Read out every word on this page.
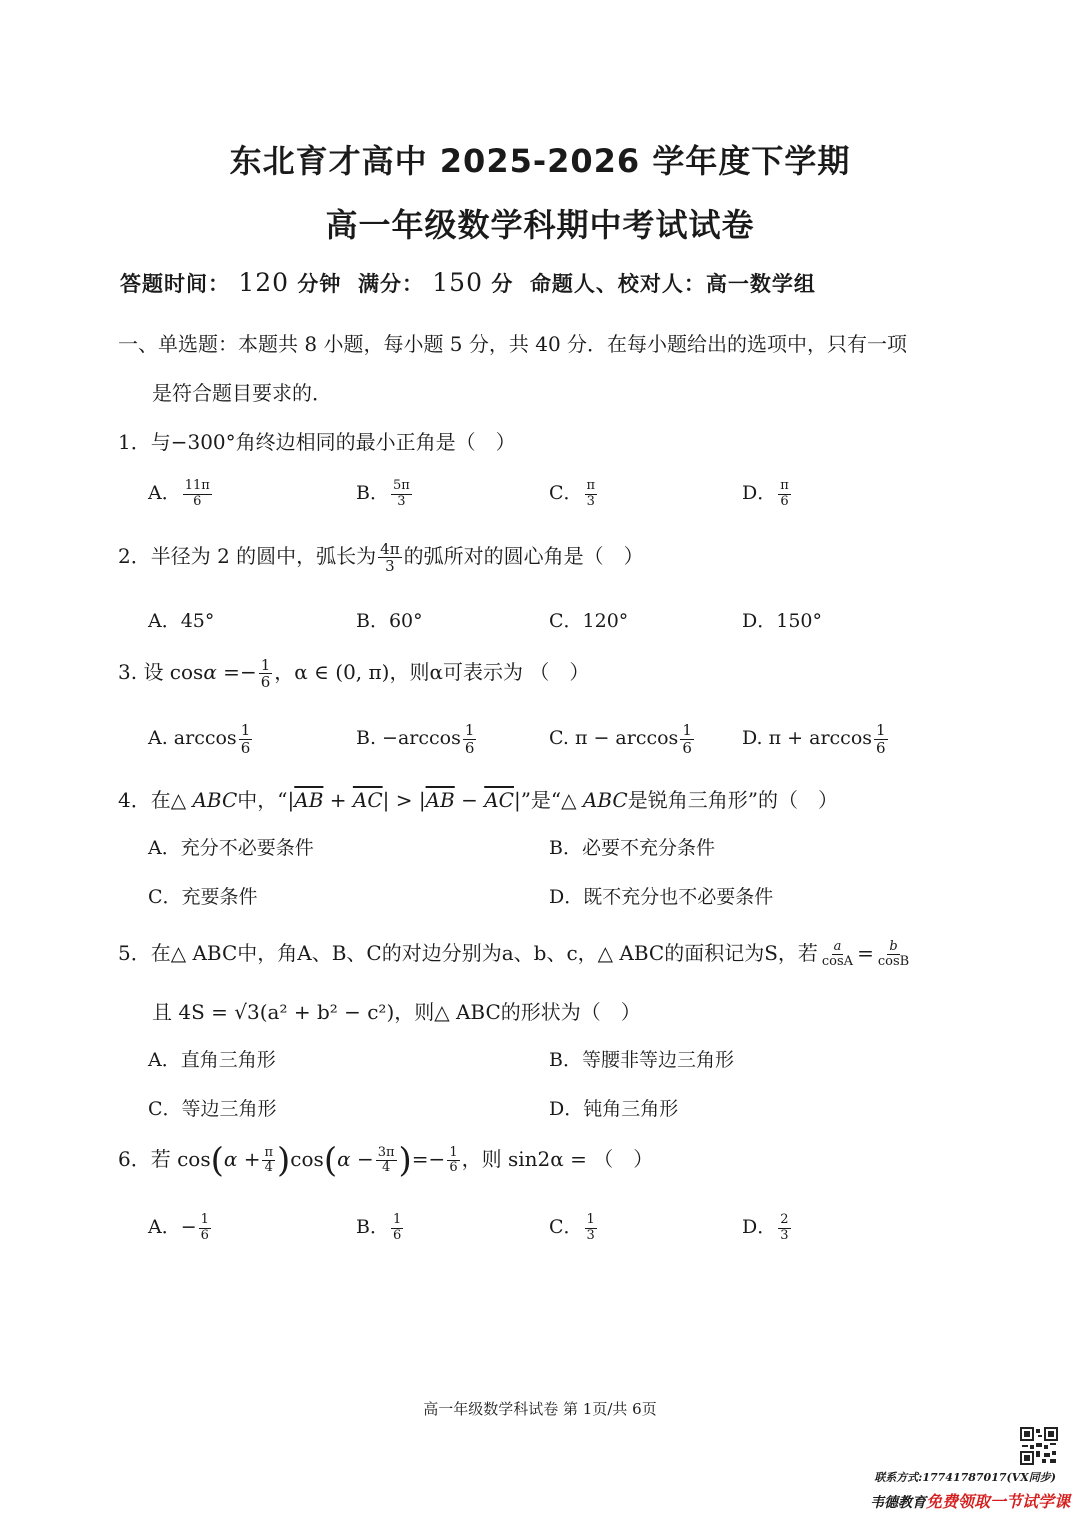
东北育才高中 2025-2026 学年度下学期
高一年级数学科期中考试试卷
答题时间： 120 分钟 满分： 150 分 命题人、校对人：高一数学组
一、单选题：本题共 8 小题，每小题 5 分，共 40 分．在每小题给出的选项中，只有一项
是符合题目要求的．
1．与−300°角终边相同的最小正角是（　）
A． $\frac{11\pi}{6}$	B． $\frac{5\pi}{3}$	C． $\frac{\pi}{3}$	D． $\frac{\pi}{6}$
2．半径为 2 的圆中，弧长为 $\frac{4\pi}{3}$ 的弧所对的圆心角是（　）
A．45°	B．60°	C．120°	D．150°
3. 设 $\cos\alpha =- \frac{1}{6}$ ，α ∈ (0, π)，则α可表示为 （　）
A. $\arccos \frac{1}{6}$	B. $-\arccos \frac{1}{6}$	C. $\pi - \arccos \frac{1}{6}$	D. $\pi + \arccos \frac{1}{6}$
4．在△ ABC中，“$|\overline{AB} + \overline{AC}| > |\overline{AB} - \overline{AC}|$”是“△ ABC是锐角三角形”的（　）
A．充分不必要条件	B．必要不充分条件
C．充要条件	D．既不充分也不必要条件
5．在△ ABC中，角A、B、C的对边分别为a、b、c，△ ABC的面积记为S，若 $\frac{a}{\cos A} = \frac{b}{\cos B}$
且 4S = √3(a² + b² − c²)，则△ ABC的形状为（　）
A．直角三角形	B．等腰非等边三角形
C．等边三角形	D．钝角三角形
6．若 $\cos(\alpha + \frac{\pi}{4} )\cos(\alpha - \frac{3\pi}{4}$ )=− $\frac{1}{6}$ ，则 sin2α = （　）
A．− $\frac{1}{6}$	B． $\frac{1}{6}$	C． $\frac{1}{3}$	D． $\frac{2}{3}$
高一年级数学科试卷 第 1页/共 6页
联系方式:17741787017(VX同步)
韦德教育免费领取一节试学课
